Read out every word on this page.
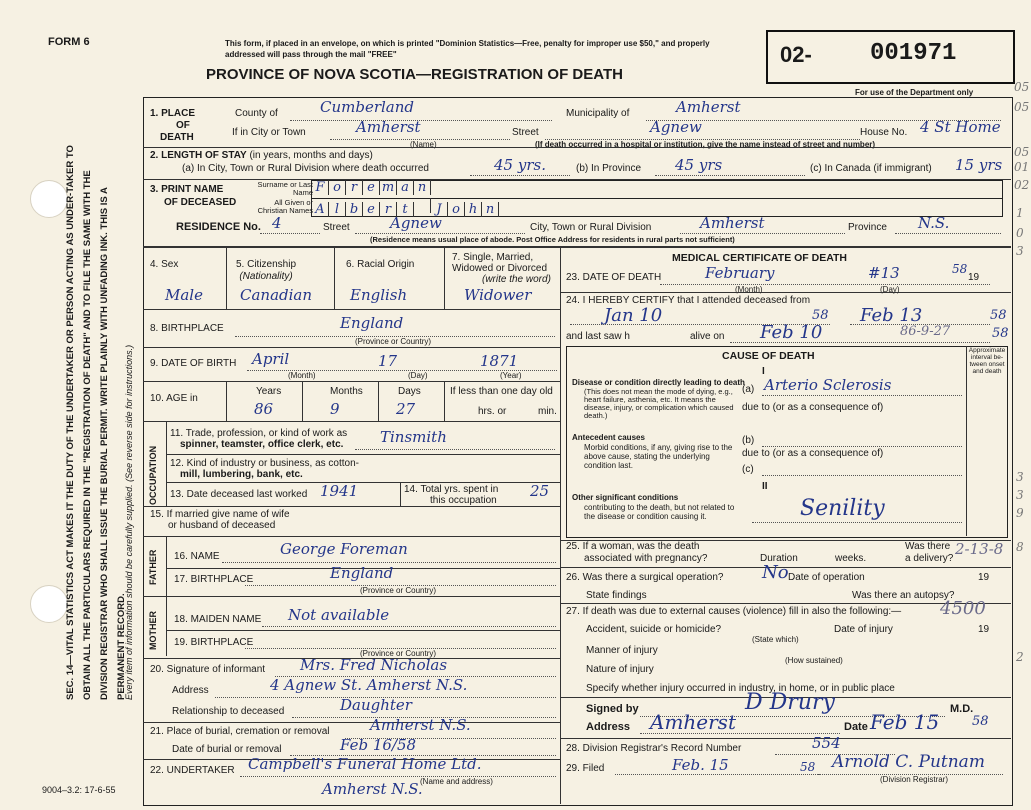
FORM 6	This form, if placed in an envelope, on which is printed "Dominion Statistics—Free, penalty for improper use $50," and properly addressed will pass through the mail "FREE"
PROVINCE OF NOVA SCOTIA—REGISTRATION OF DEATH
02- 001971
For use of the Department only
SEC. 14—VITAL STATISTICS ACT MAKES IT THE DUTY OF THE UNDERTAKER OR PERSON ACTING AS UNDER-TAKER TO OBTAIN ALL THE PARTICULARS REQUIRED IN THE "REGISTRATION OF DEATH" AND TO FILE THE SAME WITH THE DIVISION REGISTRAR WHO SHALL ISSUE THE BURIAL PERMIT. WRITE PLAINLY WITH UNFADING INK. THIS IS A PERMANENT RECORD.
Every item of information should be carefully supplied. (See reverse side for instructions.)
9004–3.2: 17-6-55
1. PLACE
OF
DEATH
County of	Cumberland	Municipality of	Amherst
If in City or Town	Amherst
(Name)
Street	Agnew
(If death occurred in a hospital or institution, give the name instead of street and number)
House No. 4 St Home
2. LENGTH OF STAY (in years, months and days)
(a) In City, Town or Rural Division where death occurred	45 yrs.	(b) In Province 45 yrs	(c) In Canada (if immigrant) 15 yrs
3. PRINT NAME
OF DECEASED
Surname or Last Name F o r e m a n
All Given or Christian Names A l b e r t J o h n
RESIDENCE No. 4	Street	Agnew	City, Town or Rural Division	Amherst	Province N.S.
(Residence means usual place of abode. Post Office Address for residents in rural parts not sufficient)
4. Sex
Male
5. Citizenship
(Nationality)
Canadian
6. Racial Origin
English
7. Single, Married,
Widowed or Divorced
(write the word)
Widower
8. BIRTHPLACE	England
(Province or Country)
9. DATE OF BIRTH April	17	1871
(Month)	(Day)	(Year)
10. AGE in
Years
86
Months
9
Days
27
If less than one day old
hrs. or	min.
OCCUPATION
11. Trade, profession, or kind of work as
spinner, teamster, office clerk, etc. Tinsmith
12. Kind of industry or business, as cotton-
mill, lumbering, bank, etc.
13. Date deceased last worked 1941	14. Total yrs. spent in
this occupation
25
15. If married give name of wife
or husband of deceased
FATHER 16. NAME	George Foreman
17. BIRTHPLACE	England
(Province or Country)
MOTHER 18. MAIDEN NAME Not available
19. BIRTHPLACE
(Province or Country)
20. Signature of informant Mrs. Fred Nicholas
Address	4 Agnew St. Amherst N.S.
Relationship to deceased	Daughter
21. Place of burial, cremation or removal	Amherst N.S.
Date of burial or removal	Feb 16/58
22. UNDERTAKER Campbell's Funeral Home Ltd.
Amherst N.S.
(Name and address)
MEDICAL CERTIFICATE OF DEATH
23. DATE OF DEATH	February	#13
(Month)	(Day)
19
58
24. I HEREBY CERTIFY that I attended deceased from
Jan 10	58 Feb 13	58
and last saw h	alive on Feb 10	86-9-27	58
CAUSE OF DEATH	Approximate interval be-tween onset and death
I
Disease or condition directly leading to death
(This does not mean the mode of dying, e.g., heart failure, asthenia, etc. It means the disease, injury, or complication which caused death.)
(a) Arterio Sclerosis
due to (or as a consequence of)
Antecedent causes
Morbid conditions, if any, giving rise to the above cause, stating the underlying condition last.
(b)
due to (or as a consequence of)
(c)
II
Other significant conditions
contributing to the death, but not related to the disease or condition causing it.	Senility
25. If a woman, was the death
associated with pregnancy?	Duration	weeks.
Was there
a delivery?
2-13-8
26. Was there a surgical operation? No Date of operation	19
State findings	Was there an autopsy?
27. If death was due to external causes (violence) fill in also the following:— 4500
Accident, suicide or homicide?	Date of injury	19
(State which)
Manner of injury
(How sustained)
Nature of injury
Specify whether injury occurred in industry, in home, or in public place
Signed by	D Drury	M.D.
Address Amherst	Date Feb 15	58
28. Division Registrar's Record Number	554
29. Filed	Feb. 15	58 Arnold C. Putnam
(Division Registrar)
05
05
05
01
02
1
0
3
3
3
9
8
2
